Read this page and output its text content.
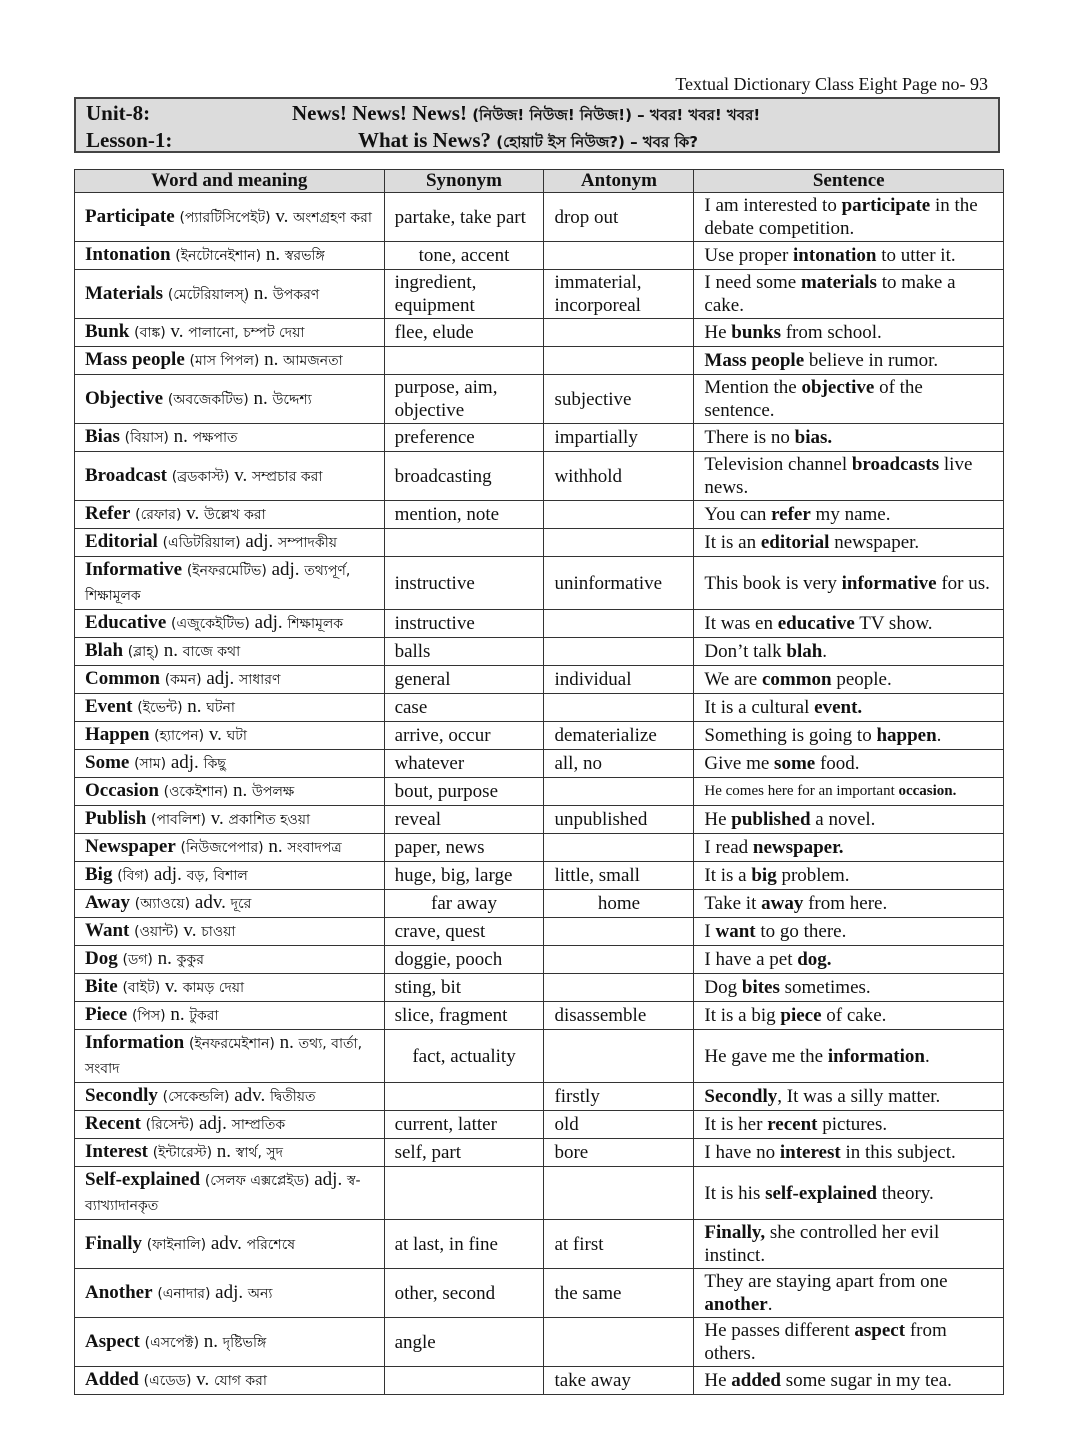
Textual Dictionary Class Eight Page no- 93
Unit-8:	News! News! News! (নিউজ! নিউজ! নিউজ!) – খবর! খবর! খবর!
Lesson-1:	What is News? (হোয়াট ইস নিউজ?) – খবর কি?
Word and meaning	Synonym	Antonym	Sentence
Participate (প্যারটিসিপেইট) v. অংশগ্রহণ করা	partake, take part	drop out	I am interested to participate in the debate competition.
Intonation (ইনটোনেইশান) n. স্বরভঙ্গি	tone, accent		Use proper intonation to utter it.
Materials (মেটেরিয়ালস্) n. উপকরণ	ingredient, equipment	immaterial, incorporeal	I need some materials to make a cake.
Bunk (বাঙ্ক) v. পালানো, চম্পট দেয়া	flee, elude		He bunks from school.
Mass people (মাস পিপল) n. আমজনতা			Mass people believe in rumor.
Objective (অবজেকটিভ) n. উদ্দেশ্য	purpose, aim, objective	subjective	Mention the objective of the sentence.
Bias (বিয়াস) n. পক্ষপাত	preference	impartially	There is no bias.
Broadcast (ব্রডকাস্ট) v. সম্প্রচার করা	broadcasting	withhold	Television channel broadcasts live news.
Refer (রেফার) v. উল্লেখ করা	mention, note		You can refer my name.
Editorial (এডিটরিয়াল) adj. সম্পাদকীয়			It is an editorial newspaper.
Informative (ইনফরমেটিভ) adj. তথ্যপূর্ণ, শিক্ষামূলক	instructive	uninformative	This book is very informative for us.
Educative (এজুকেইটিভ) adj. শিক্ষামূলক	instructive		It was en educative TV show.
Blah (ব্লাহ্) n. বাজে কথা	balls		Don’t talk blah.
Common (কমন) adj. সাধারণ	general	individual	We are common people.
Event (ইভেন্ট) n. ঘটনা	case		It is a cultural event.
Happen (হ্যাপেন) v. ঘটা	arrive, occur	dematerialize	Something is going to happen.
Some (সাম) adj. কিছু	whatever	all, no	Give me some food.
Occasion (ওকেইশান) n. উপলক্ষ	bout, purpose		He comes here for an important occasion.
Publish (পাবলিশ) v. প্রকাশিত হওয়া	reveal	unpublished	He published a novel.
Newspaper (নিউজপেপার) n. সংবাদপত্র	paper, news		I read newspaper.
Big (বিগ) adj. বড়, বিশাল	huge, big, large	little, small	It is a big problem.
Away (অ্যাওয়ে) adv. দূরে	far away	home	Take it away from here.
Want (ওয়ান্ট) v. চাওয়া	crave, quest		I want to go there.
Dog (ডগ) n. কুকুর	doggie, pooch		I have a pet dog.
Bite (বাইট) v. কামড় দেয়া	sting, bit		Dog bites sometimes.
Piece (পিস) n. টুকরা	slice, fragment	disassemble	It is a big piece of cake.
Information (ইনফরমেইশান) n. তথ্য, বার্তা, সংবাদ	fact, actuality		He gave me the information.
Secondly (সেকেন্ডলি) adv. দ্বিতীয়ত		firstly	Secondly, It was a silly matter.
Recent (রিসেন্ট) adj. সাম্প্রতিক	current, latter	old	It is her recent pictures.
Interest (ইন্টারেস্ট) n. স্বার্থ, সুদ	self, part	bore	I have no interest in this subject.
Self-explained (সেলফ এক্সপ্লেইড) adj. স্ব-ব্যাখ্যাদানকৃত			It is his self-explained theory.
Finally (ফাইনালি) adv. পরিশেষে	at last, in fine	at first	Finally, she controlled her evil instinct.
Another (এনাদার) adj. অন্য	other, second	the same	They are staying apart from one another.
Aspect (এসপেক্ট) n. দৃষ্টিভঙ্গি	angle		He passes different aspect from others.
Added (এডেড) v. যোগ করা		take away	He added some sugar in my tea.
